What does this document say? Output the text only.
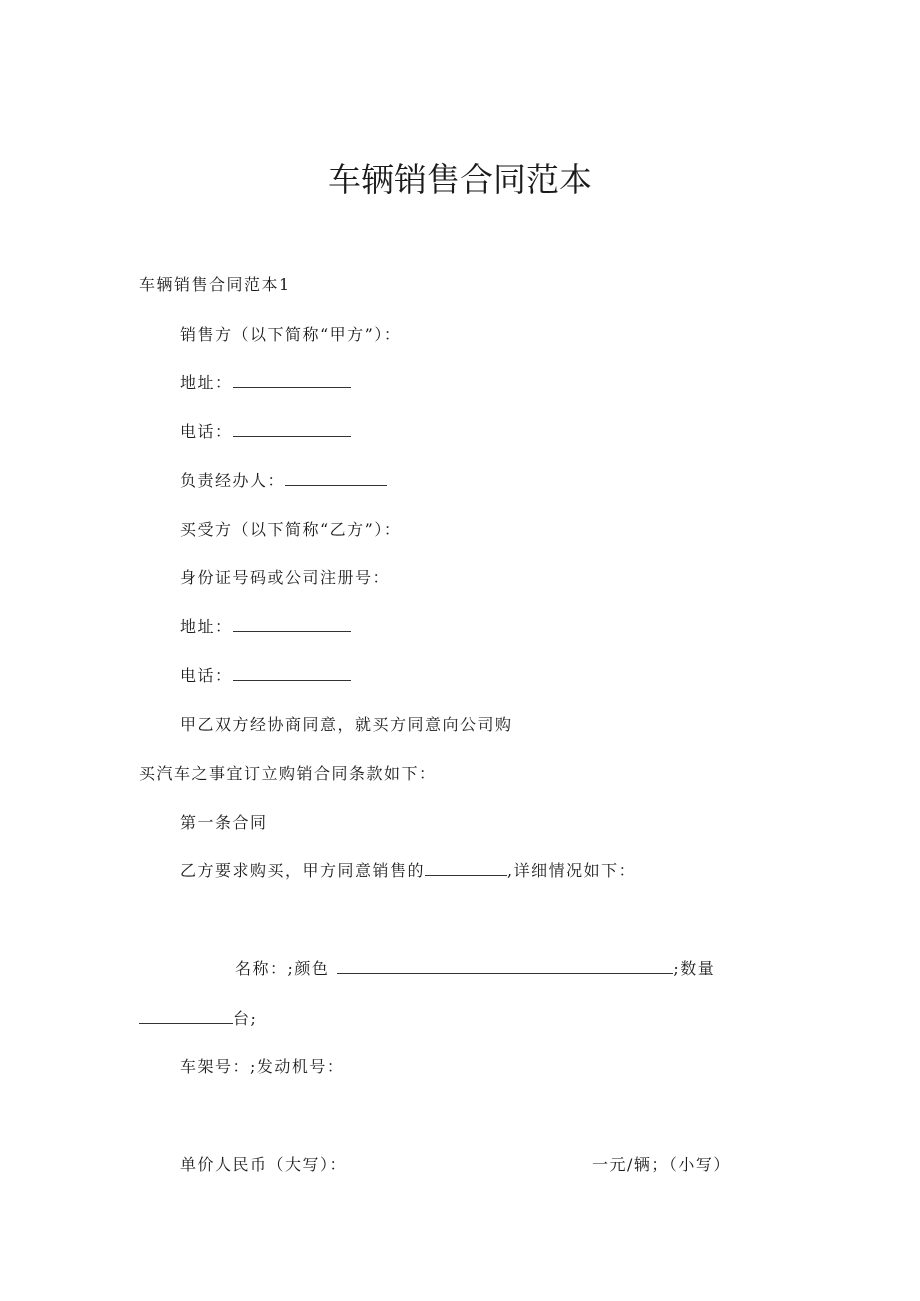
车辆销售合同范本
车辆销售合同范本1
销售方（以下简称“甲方”）：
地址：
电话：
负责经办人：
买受方（以下简称“乙方”）：
身份证号码或公司注册号：
地址：
电话：
甲乙双方经协商同意，就买方同意向公司购
买汽车之事宜订立购销合同条款如下：
第一条合同
乙方要求购买，甲方同意销售的	,详细情况如下：
名称：;颜色	;数量
台;
车架号：;发动机号：
单价人民币（大写）：	一元/辆；（小写）
